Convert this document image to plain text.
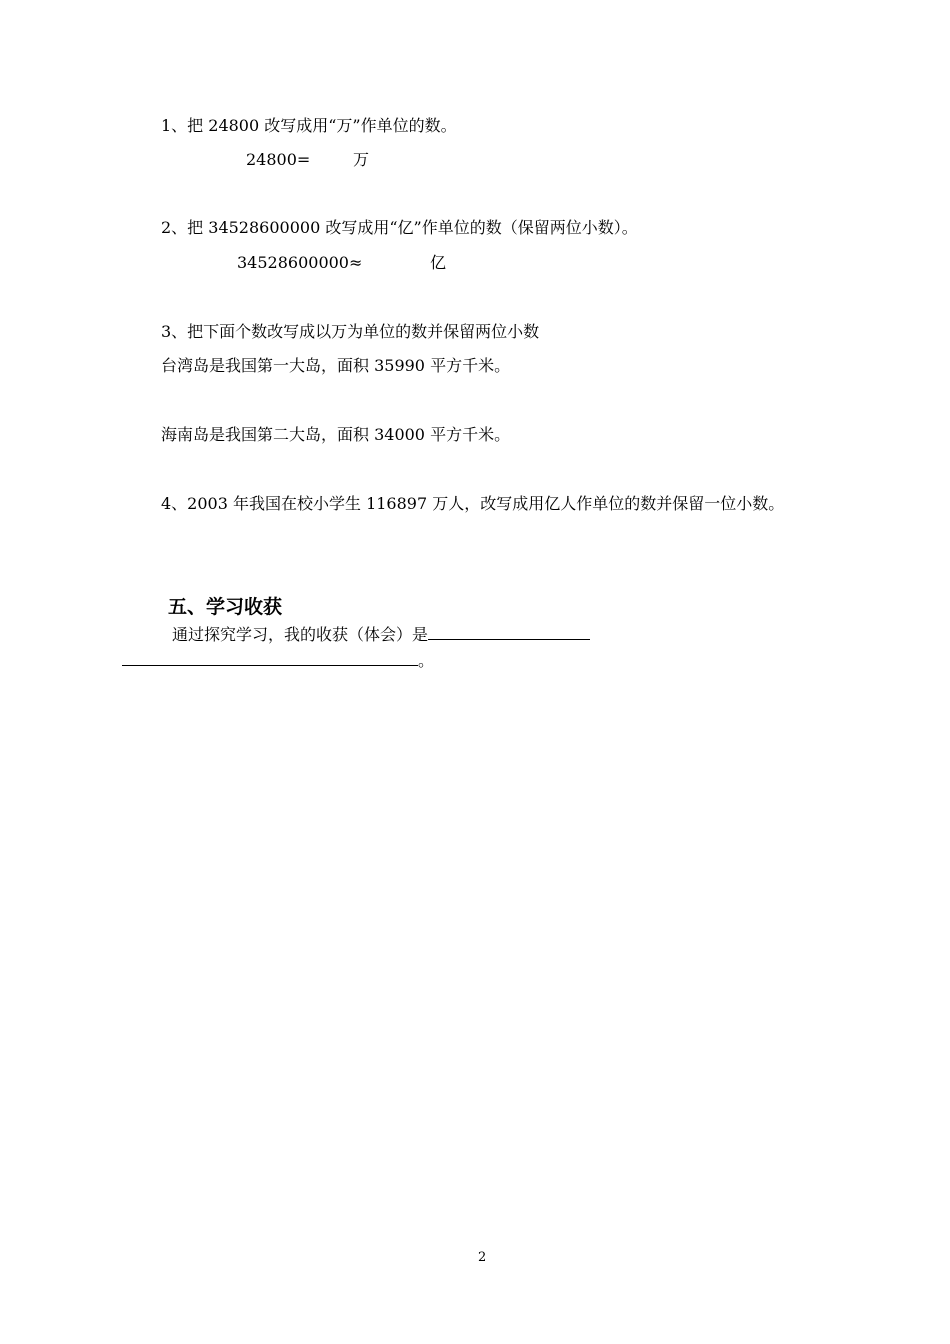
1、把 24800 改写成用“万”作单位的数。
24800=	万
2、把 34528600000 改写成用“亿”作单位的数（保留两位小数）。
34528600000≈	亿
3、把下面个数改写成以万为单位的数并保留两位小数
台湾岛是我国第一大岛，面积 35990 平方千米。
海南岛是我国第二大岛，面积 34000 平方千米。
4、2003 年我国在校小学生 116897 万人，改写成用亿人作单位的数并保留一位小数。
五、学习收获
通过探究学习，我的收获（体会）是
。
2
